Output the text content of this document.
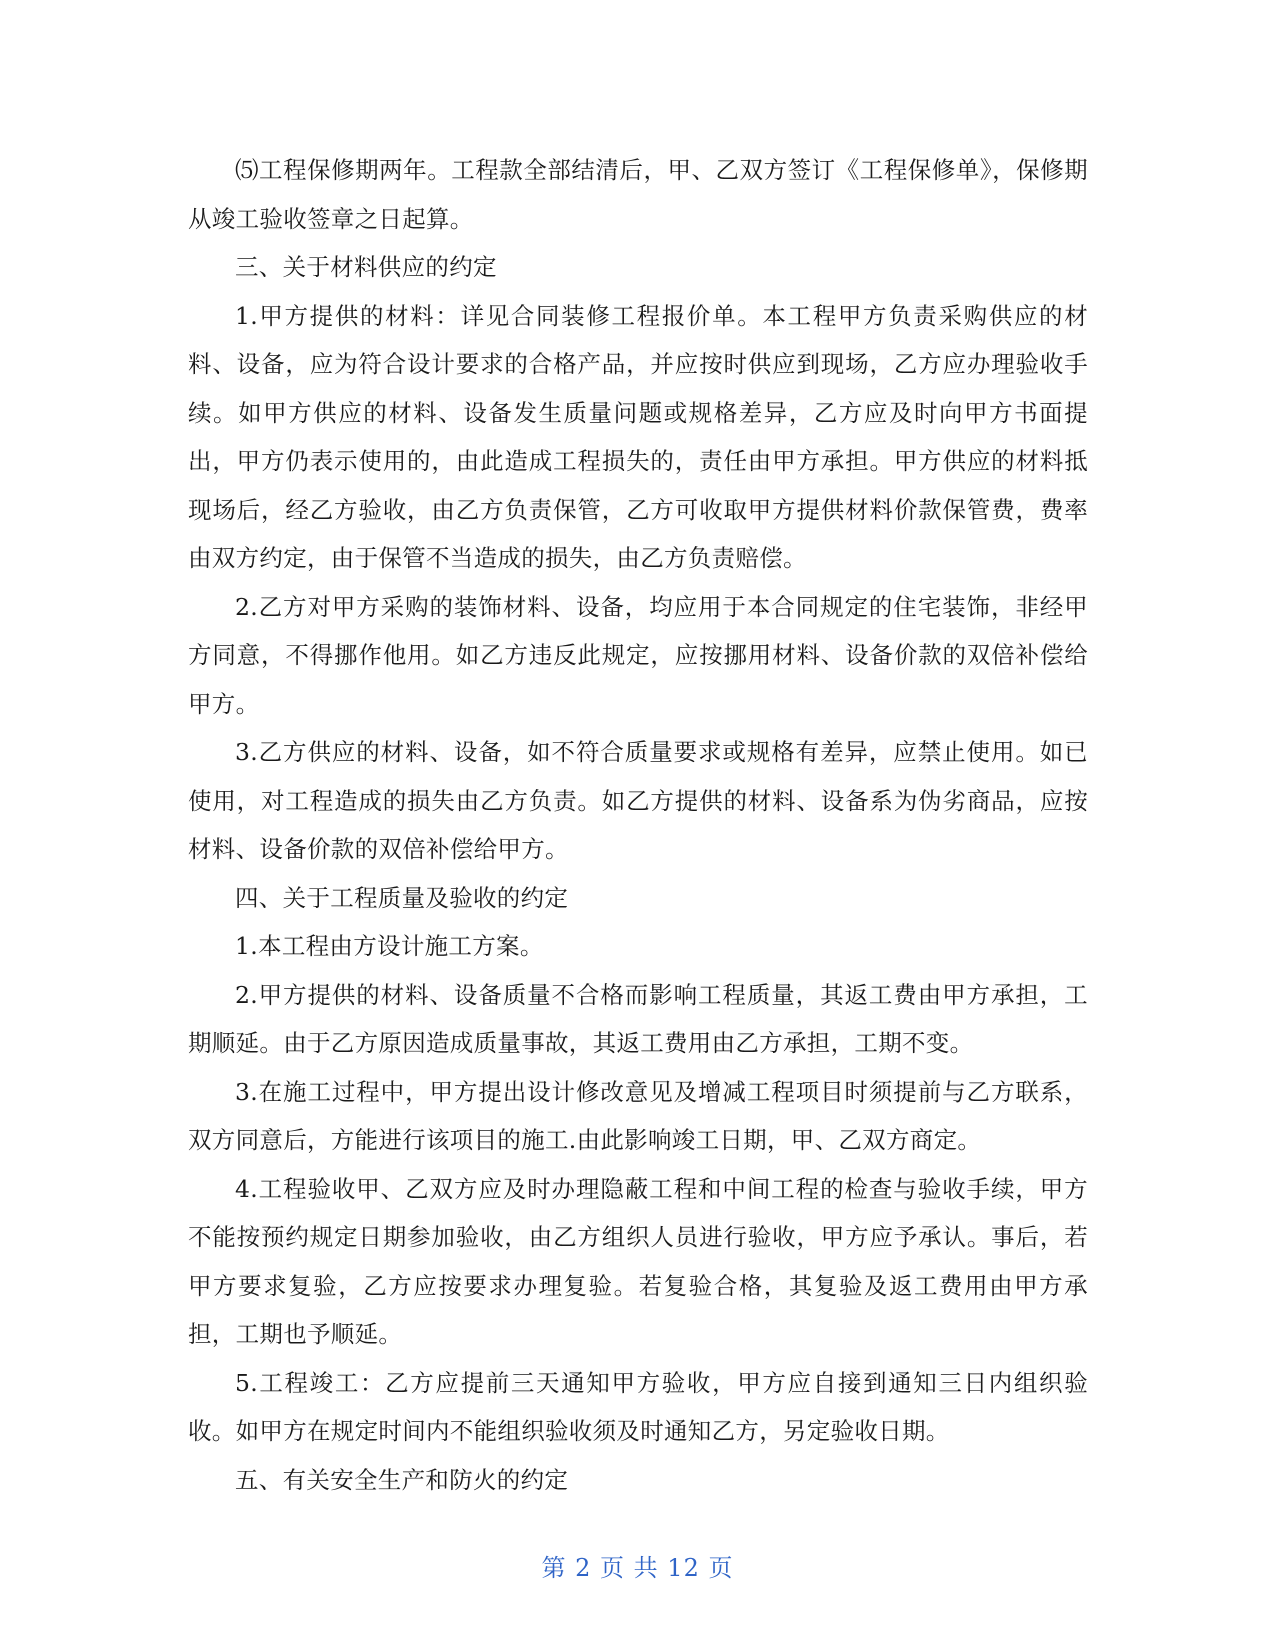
⑸工程保修期两年。工程款全部结清后，甲、乙双方签订《工程保修单》，保修期从竣工验收签章之日起算。

三、关于材料供应的约定

1.甲方提供的材料：详见合同装修工程报价单。本工程甲方负责采购供应的材料、设备，应为符合设计要求的合格产品，并应按时供应到现场，乙方应办理验收手续。如甲方供应的材料、设备发生质量问题或规格差异，乙方应及时向甲方书面提出，甲方仍表示使用的，由此造成工程损失的，责任由甲方承担。甲方供应的材料抵现场后，经乙方验收，由乙方负责保管，乙方可收取甲方提供材料价款保管费，费率由双方约定，由于保管不当造成的损失，由乙方负责赔偿。

2.乙方对甲方采购的装饰材料、设备，均应用于本合同规定的住宅装饰，非经甲方同意，不得挪作他用。如乙方违反此规定，应按挪用材料、设备价款的双倍补偿给甲方。

3.乙方供应的材料、设备，如不符合质量要求或规格有差异，应禁止使用。如已使用，对工程造成的损失由乙方负责。如乙方提供的材料、设备系为伪劣商品，应按材料、设备价款的双倍补偿给甲方。

四、关于工程质量及验收的约定

1.本工程由方设计施工方案。

2.甲方提供的材料、设备质量不合格而影响工程质量，其返工费由甲方承担，工期顺延。由于乙方原因造成质量事故，其返工费用由乙方承担，工期不变。

3.在施工过程中，甲方提出设计修改意见及增减工程项目时须提前与乙方联系，双方同意后，方能进行该项目的施工.由此影响竣工日期，甲、乙双方商定。

4.工程验收甲、乙双方应及时办理隐蔽工程和中间工程的检查与验收手续，甲方不能按预约规定日期参加验收，由乙方组织人员进行验收，甲方应予承认。事后，若甲方要求复验，乙方应按要求办理复验。若复验合格，其复验及返工费用由甲方承担，工期也予顺延。

5.工程竣工：乙方应提前三天通知甲方验收，甲方应自接到通知三日内组织验收。如甲方在规定时间内不能组织验收须及时通知乙方，另定验收日期。

五、有关安全生产和防火的约定

第 2 页 共 12 页
